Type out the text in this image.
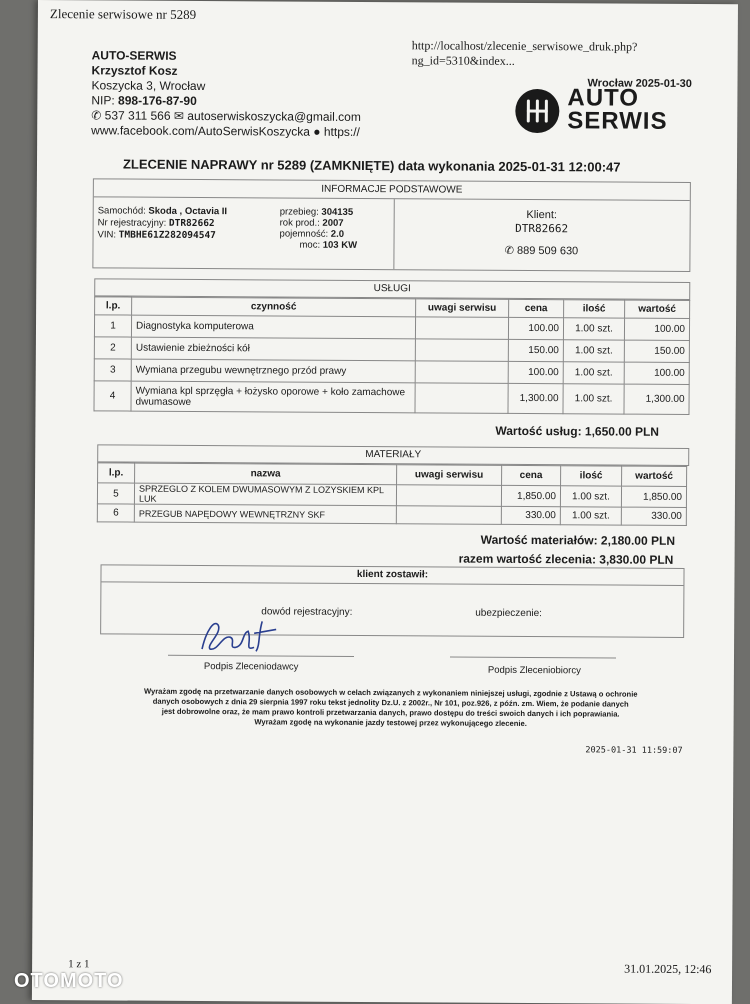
Zlecenie serwisowe nr 5289
http://localhost/zlecenie_serwisowe_druk.php?ng_id=5310&index...
AUTO-SERWIS
Krzysztof Kosz
Koszycka 3, Wrocław
NIP: 898-176-87-90
✆ 537 311 566 ✉ autoserwiskoszycka@gmail.com
www.facebook.com/AutoSerwisKoszycka ● https://
Wrocław 2025-01-30
AUTO
SERWIS
ZLECENIE NAPRAWY nr 5289 (ZAMKNIĘTE) data wykonania 2025-01-31 12:00:47
INFORMACJE PODSTAWOWE
Samochód: Skoda , Octavia II
Nr rejestracyjny: DTR82662
VIN: TMBHE61Z282094547
przebieg: 304135
rok prod.: 2007
pojemność: 2.0
moc: 103 KW
Klient:
DTR82662
✆ 889 509 630
USŁUGI
l.p.	czynność	uwagi serwisu	cena	ilość	wartość
1	Diagnostyka komputerowa		100.00	1.00 szt.	100.00
2	Ustawienie zbieżności kół		150.00	1.00 szt.	150.00
3	Wymiana przegubu wewnętrznego przód prawy		100.00	1.00 szt.	100.00
4	Wymiana kpl sprzęgła + łożysko oporowe + koło zamachowe dwumasowe		1,300.00	1.00 szt.	1,300.00
Wartość usług: 1,650.00 PLN
MATERIAŁY
l.p.	nazwa	uwagi serwisu	cena	ilość	wartość
5	SPRZEGLO Z KOLEM DWUMASOWYM Z LOZYSKIEM KPL LUK		1,850.00	1.00 szt.	1,850.00
6	PRZEGUB NAPĘDOWY WEWNĘTRZNY SKF		330.00	1.00 szt.	330.00
Wartość materiałów: 2,180.00 PLN
razem wartość zlecenia: 3,830.00 PLN
klient zostawił:
dowód rejestracyjny:	ubezpieczenie:
Podpis Zleceniodawcy	Podpis Zleceniobiorcy
Wyrażam zgodę na przetwarzanie danych osobowych w celach związanych z wykonaniem niniejszej usługi, zgodnie z Ustawą o ochronie
danych osobowych z dnia 29 sierpnia 1997 roku tekst jednolity Dz.U. z 2002r., Nr 101, poz.926, z późn. zm. Wiem, że podanie danych
jest dobrowolne oraz, że mam prawo kontroli przetwarzania danych, prawo dostępu do treści swoich danych i ich poprawiania.
Wyrażam zgodę na wykonanie jazdy testowej przez wykonującego zlecenie.
2025-01-31 11:59:07
1 z 1	31.01.2025, 12:46
OTOMOTO
